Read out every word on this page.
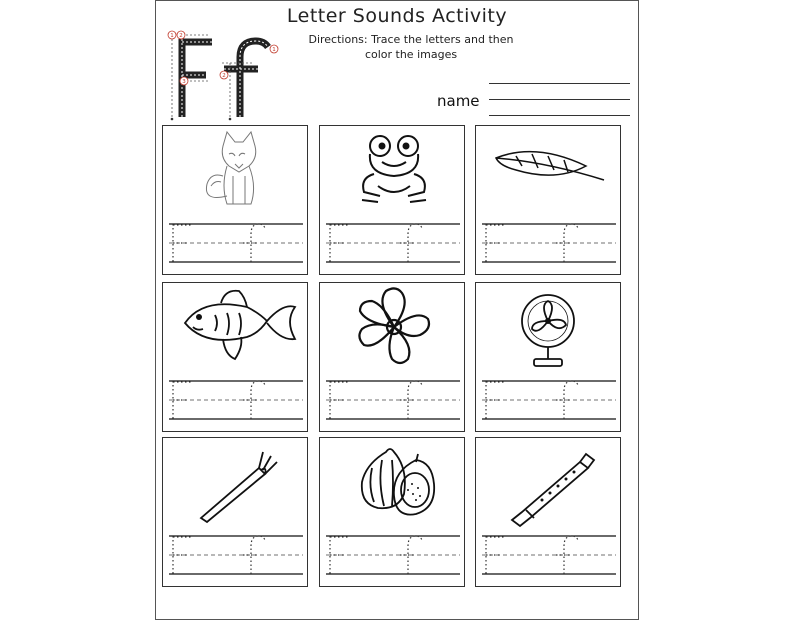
Letter Sounds Activity
Directions: Trace the letters and then
color the images
1 2
3
1
2
name
